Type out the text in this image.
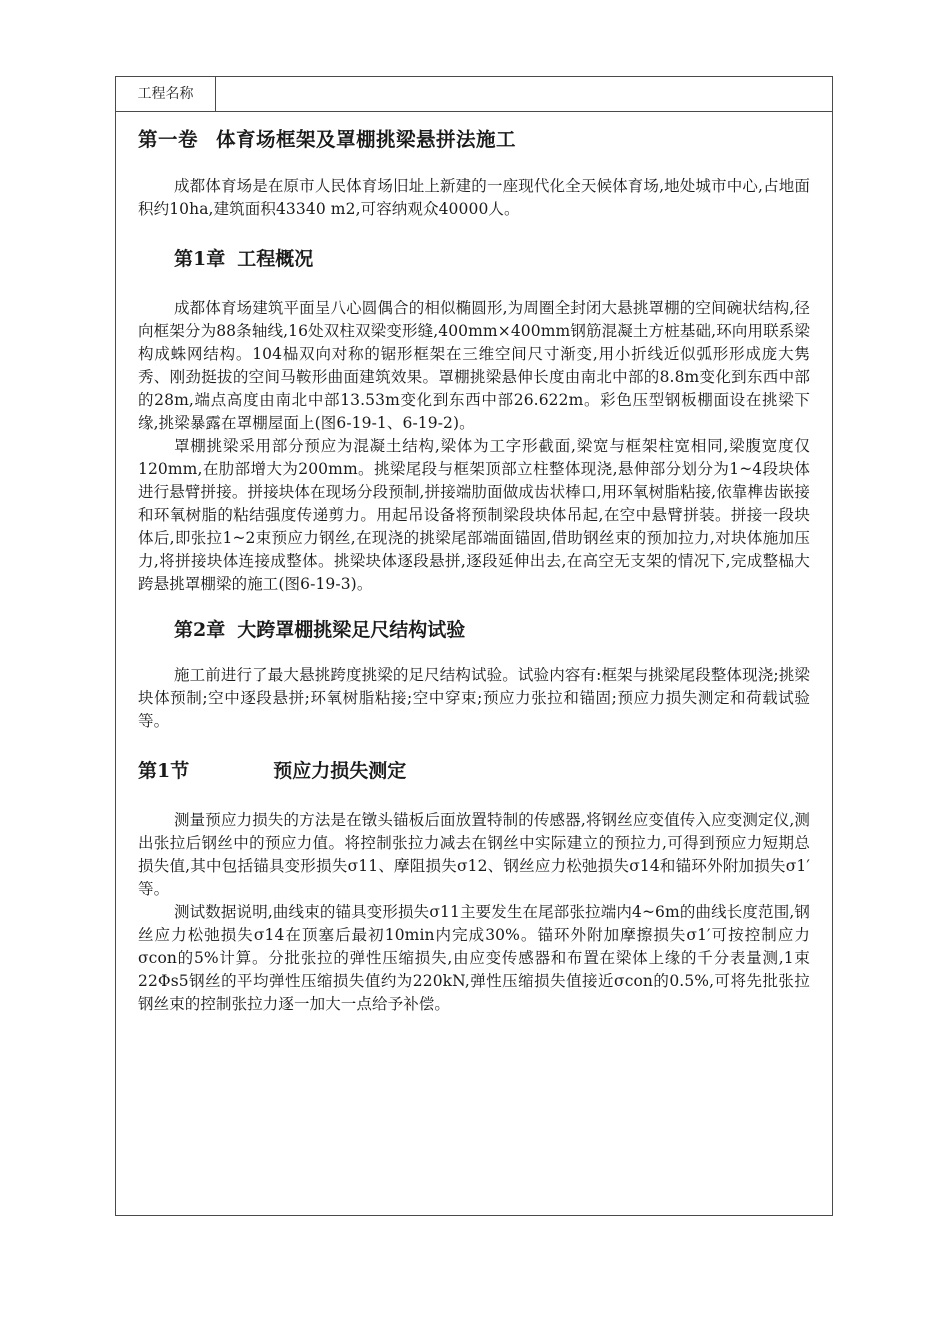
工程名称
第一卷 体育场框架及罩棚挑梁悬拼法施工

成都体育场是在原市人民体育场旧址上新建的一座现代化全天候体育场,地处城市中心,占地面积约10ha,建筑面积43340 m2,可容纳观众40000人。

第1章 工程概况

成都体育场建筑平面呈八心圆偶合的相似椭圆形,为周圈全封闭大悬挑罩棚的空间碗状结构,径向框架分为88条轴线,16处双柱双梁变形缝,400mm×400mm钢筋混凝土方桩基础,环向用联系梁构成蛛网结构。104榀双向对称的锯形框架在三维空间尺寸渐变,用小折线近似弧形形成庞大隽秀、刚劲挺拔的空间马鞍形曲面建筑效果。罩棚挑梁悬伸长度由南北中部的8.8m变化到东西中部的28m,端点高度由南北中部13.53m变化到东西中部26.622m。彩色压型钢板棚面设在挑梁下缘,挑梁暴露在罩棚屋面上(图6-19-1、6-19-2)。

罩棚挑梁采用部分预应为混凝土结构,梁体为工字形截面,梁宽与框架柱宽相同,梁腹宽度仅120mm,在肋部增大为200mm。挑梁尾段与框架顶部立柱整体现浇,悬伸部分划分为1~4段块体进行悬臂拼接。拼接块体在现场分段预制,拼接端肋面做成齿状棒口,用环氧树脂粘接,依靠榫齿嵌接和环氧树脂的粘结强度传递剪力。用起吊设备将预制梁段块体吊起,在空中悬臂拼装。拼接一段块体后,即张拉1~2束预应力钢丝,在现浇的挑梁尾部端面锚固,借助钢丝束的预加拉力,对块体施加压力,将拼接块体连接成整体。挑梁块体逐段悬拼,逐段延伸出去,在高空无支架的情况下,完成整榀大跨悬挑罩棚梁的施工(图6-19-3)。

第2章 大跨罩棚挑梁足尺结构试验

施工前进行了最大悬挑跨度挑梁的足尺结构试验。试验内容有:框架与挑梁尾段整体现浇;挑梁块体预制;空中逐段悬拼;环氧树脂粘接;空中穿束;预应力张拉和锚固;预应力损失测定和荷载试验等。

第1节	预应力损失测定

测量预应力损失的方法是在镦头锚板后面放置特制的传感器,将钢丝应变值传入应变测定仪,测出张拉后钢丝中的预应力值。将控制张拉力减去在钢丝中实际建立的预拉力,可得到预应力短期总损失值,其中包括锚具变形损失σ11、摩阻损失σ12、钢丝应力松弛损失σ14和锚环外附加损失σ1′等。

测试数据说明,曲线束的锚具变形损失σ11主要发生在尾部张拉端内4~6m的曲线长度范围,钢丝应力松弛损失σ14在顶塞后最初10min内完成30%。锚环外附加摩擦损失σ1′可按控制应力σcon的5%计算。分批张拉的弹性压缩损失,由应变传感器和布置在梁体上缘的千分表量测,1束22Φs5钢丝的平均弹性压缩损失值约为220kN,弹性压缩损失值接近σcon的0.5%,可将先批张拉钢丝束的控制张拉力逐一加大一点给予补偿。
